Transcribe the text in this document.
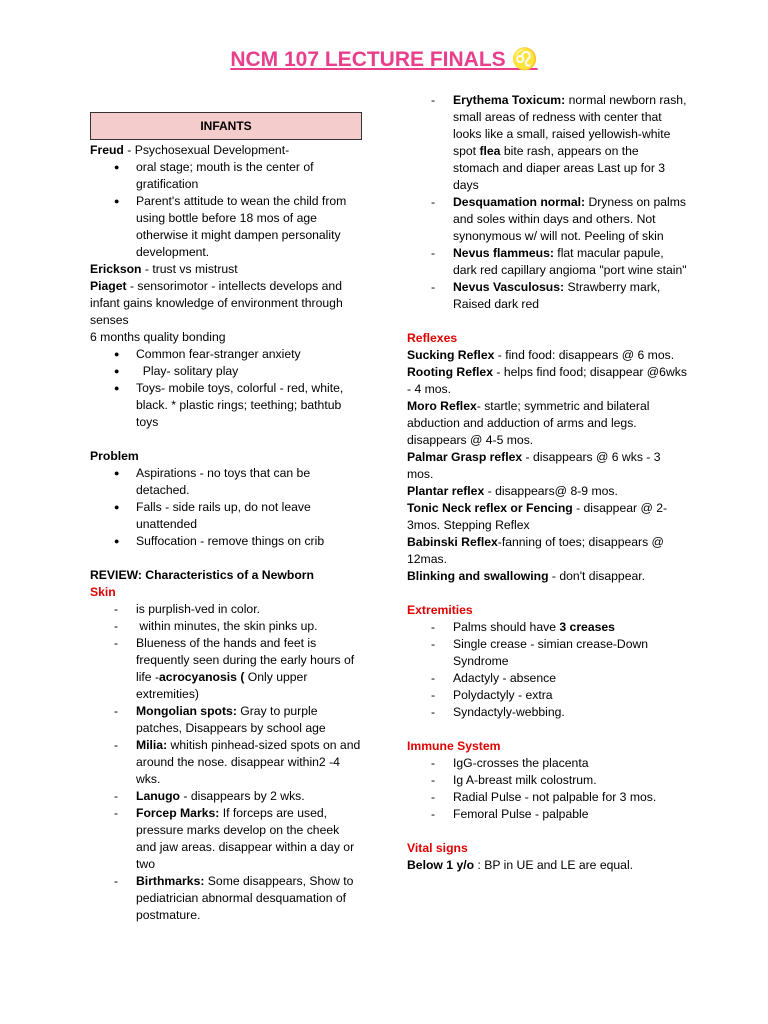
NCM 107 LECTURE FINALS ♌
INFANTS

Freud - Psychosexual Development-

● oral stage; mouth is the center of gratification
● Parent's attitude to wean the child from using bottle before 18 mos of age otherwise it might dampen personality development.

Erickson - trust vs mistrust

Piaget - sensorimotor - intellects develops and infant gains knowledge of environment through senses

6 months quality bonding

● Common fear-stranger anxiety
●   Play- solitary play
● Toys- mobile toys, colorful - red, white, black. * plastic rings; teething; bathtub toys

Problem

● Aspirations - no toys that can be detached.
● Falls - side rails up, do not leave unattended
● Suffocation - remove things on crib

REVIEW: Characteristics of a Newborn

Skin

- is purplish-ved in color.
-  within minutes, the skin pinks up.
- Blueness of the hands and feet is frequently seen during the early hours of life -acrocyanosis ( Only upper extremities)
- Mongolian spots: Gray to purple patches, Disappears by school age
- Milia: whitish pinhead-sized spots on and around the nose. disappear within2 -4 wks.
- Lanugo - disappears by 2 wks.
- Forcep Marks: If forceps are used, pressure marks develop on the cheek and jaw areas. disappear within a day or two
- Birthmarks: Some disappears, Show to pediatrician abnormal desquamation of postmature.
- Erythema Toxicum: normal newborn rash, small areas of redness with center that looks like a small, raised yellowish-white spot flea bite rash, appears on the stomach and diaper areas Last up for 3 days
- Desquamation normal: Dryness on palms and soles within days and others. Not synonymous w/ will not. Peeling of skin
- Nevus flammeus: flat macular papule, dark red capillary angioma "port wine stain"
- Nevus Vasculosus: Strawberry mark, Raised dark red

Reflexes

Sucking Reflex - find food: disappears @ 6 mos.

Rooting Reflex - helps find food; disappear @6wks - 4 mos.

Moro Reflex- startle; symmetric and bilateral abduction and adduction of arms and legs. disappears @ 4-5 mos.

Palmar Grasp reflex - disappears @ 6 wks - 3 mos.

Plantar reflex - disappears@ 8-9 mos.

Tonic Neck reflex or Fencing - disappear @ 2-3mos. Stepping Reflex

Babinski Reflex-fanning of toes; disappears @ 12mas.

Blinking and swallowing - don't disappear.

Extremities

- Palms should have 3 creases
- Single crease - simian crease-Down Syndrome
- Adactyly - absence
- Polydactyly - extra
- Syndactyly-webbing.

Immune System

- IgG-crosses the placenta
- Ig A-breast milk colostrum.
- Radial Pulse - not palpable for 3 mos.
- Femoral Pulse - palpable

Vital signs

Below 1 y/o : BP in UE and LE are equal.
